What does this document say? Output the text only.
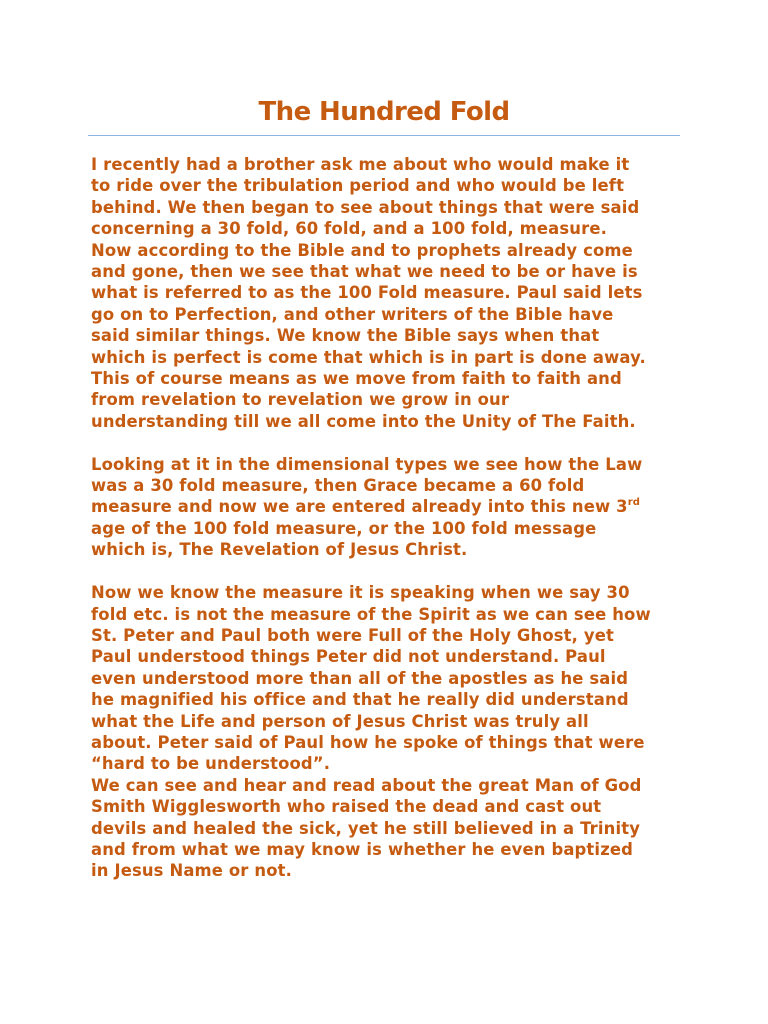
The Hundred Fold

I recently had a brother ask me about who would make it
to ride over the tribulation period and who would be left
behind. We then began to see about things that were said
concerning a 30 fold, 60 fold, and a 100 fold, measure.
Now according to the Bible and to prophets already come
and gone, then we see that what we need to be or have is
what is referred to as the 100 Fold measure. Paul said lets
go on to Perfection, and other writers of the Bible have
said similar things. We know the Bible says when that
which is perfect is come that which is in part is done away.
This of course means as we move from faith to faith and
from revelation to revelation we grow in our
understanding till we all come into the Unity of The Faith.

Looking at it in the dimensional types we see how the Law
was a 30 fold measure, then Grace became a 60 fold
measure and now we are entered already into this new 3rd
age of the 100 fold measure, or the 100 fold message
which is, The Revelation of Jesus Christ.

Now we know the measure it is speaking when we say 30
fold etc. is not the measure of the Spirit as we can see how
St. Peter and Paul both were Full of the Holy Ghost, yet
Paul understood things Peter did not understand. Paul
even understood more than all of the apostles as he said
he magnified his office and that he really did understand
what the Life and person of Jesus Christ was truly all
about. Peter said of Paul how he spoke of things that were
“hard to be understood”.

We can see and hear and read about the great Man of God
Smith Wigglesworth who raised the dead and cast out
devils and healed the sick, yet he still believed in a Trinity
and from what we may know is whether he even baptized
in Jesus Name or not.
